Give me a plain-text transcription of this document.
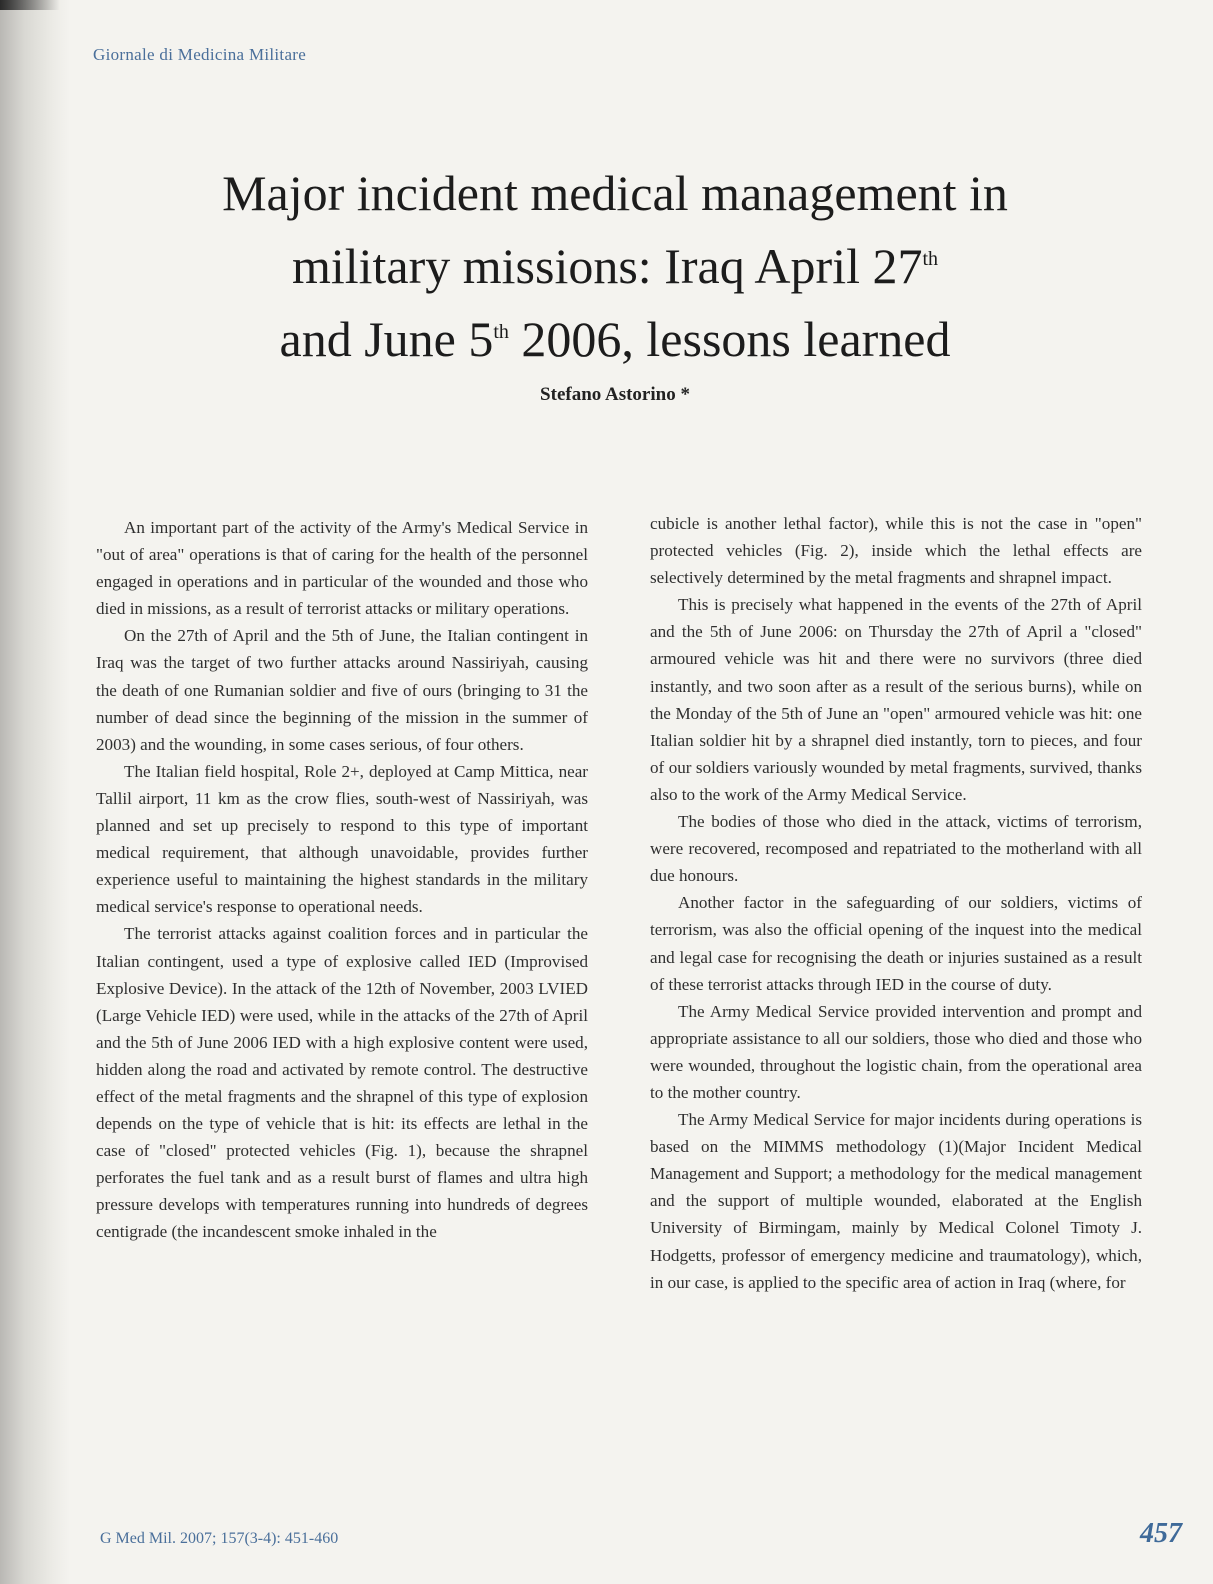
Giornale di Medicina Militare
Major incident medical management in
military missions: Iraq April 27th
and June 5th 2006, lessons learned
Stefano Astorino *

An important part of the activity of the Army's Medical Service in "out of area" operations is that of caring for the health of the personnel engaged in operations and in particular of the wounded and those who died in missions, as a result of terrorist attacks or military operations.

On the 27th of April and the 5th of June, the Italian contingent in Iraq was the target of two further attacks around Nassiriyah, causing the death of one Rumanian soldier and five of ours (bringing to 31 the number of dead since the beginning of the mission in the summer of 2003) and the wounding, in some cases serious, of four others.

The Italian field hospital, Role 2+, deployed at Camp Mittica, near Tallil airport, 11 km as the crow flies, south-west of Nassiriyah, was planned and set up precisely to respond to this type of important medical requirement, that although unavoidable, provides further experience useful to maintaining the highest standards in the military medical service's response to operational needs.

The terrorist attacks against coalition forces and in particular the Italian contingent, used a type of explosive called IED (Improvised Explosive Device). In the attack of the 12th of November, 2003 LVIED (Large Vehicle IED) were used, while in the attacks of the 27th of April and the 5th of June 2006 IED with a high explosive content were used, hidden along the road and activated by remote control. The destructive effect of the metal fragments and the shrapnel of this type of explosion depends on the type of vehicle that is hit: its effects are lethal in the case of "closed" protected vehicles (Fig. 1), because the shrapnel perforates the fuel tank and as a result burst of flames and ultra high pressure develops with temperatures running into hundreds of degrees centigrade (the incandescent smoke inhaled in the

cubicle is another lethal factor), while this is not the case in "open" protected vehicles (Fig. 2), inside which the lethal effects are selectively determined by the metal fragments and shrapnel impact.

This is precisely what happened in the events of the 27th of April and the 5th of June 2006: on Thursday the 27th of April a "closed" armoured vehicle was hit and there were no survivors (three died instantly, and two soon after as a result of the serious burns), while on the Monday of the 5th of June an "open" armoured vehicle was hit: one Italian soldier hit by a shrapnel died instantly, torn to pieces, and four of our soldiers variously wounded by metal fragments, survived, thanks also to the work of the Army Medical Service.

The bodies of those who died in the attack, victims of terrorism, were recovered, recomposed and repatriated to the motherland with all due honours.

Another factor in the safeguarding of our soldiers, victims of terrorism, was also the official opening of the inquest into the medical and legal case for recognising the death or injuries sustained as a result of these terrorist attacks through IED in the course of duty.

The Army Medical Service provided intervention and prompt and appropriate assistance to all our soldiers, those who died and those who were wounded, throughout the logistic chain, from the operational area to the mother country.

The Army Medical Service for major incidents during operations is based on the MIMMS methodology (1)(Major Incident Medical Management and Support; a methodology for the medical management and the support of multiple wounded, elaborated at the English University of Birmingam, mainly by Medical Colonel Timoty J. Hodgetts, professor of emergency medicine and traumatology), which, in our case, is applied to the specific area of action in Iraq (where, for

G Med Mil. 2007; 157(3-4): 451-460	457
